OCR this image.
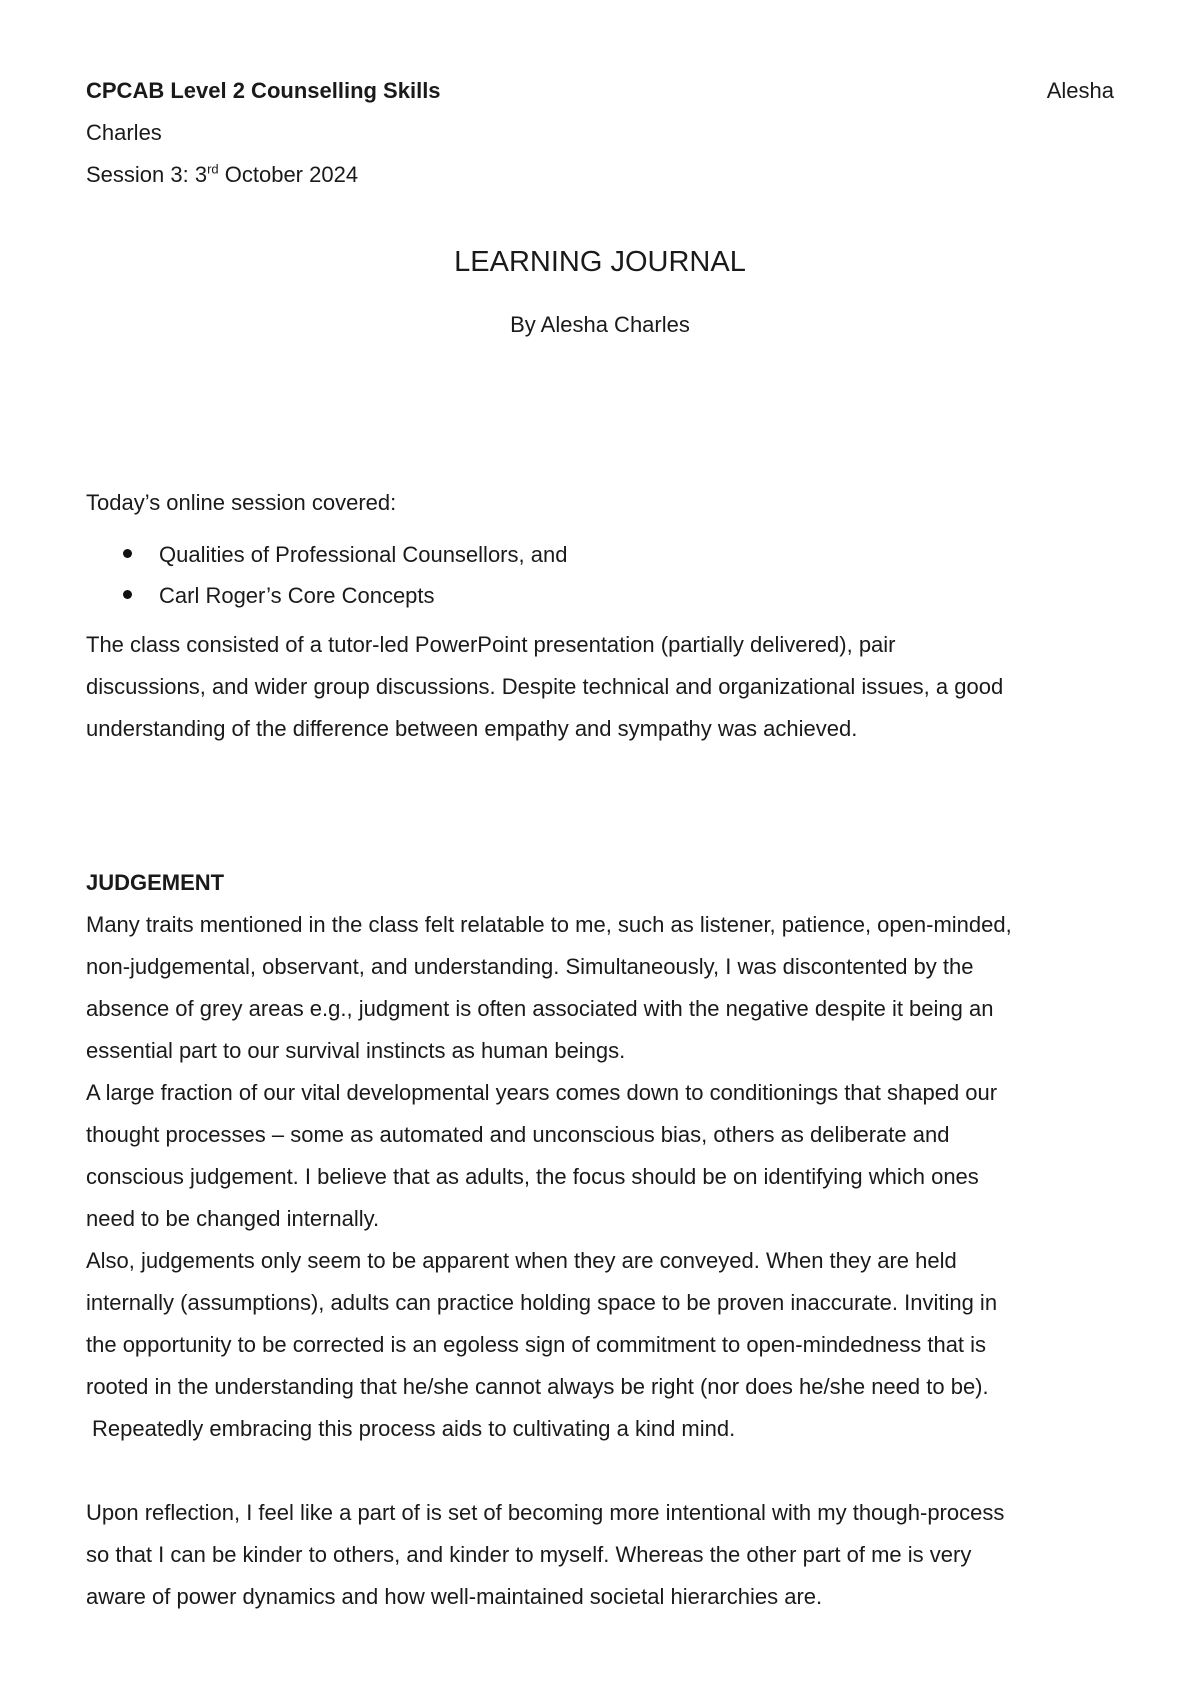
CPCAB Level 2 Counselling Skills	Alesha
Charles
Session 3: 3rd October 2024
LEARNING JOURNAL
By Alesha Charles
Today’s online session covered:
Qualities of Professional Counsellors, and
Carl Roger’s Core Concepts
The class consisted of a tutor-led PowerPoint presentation (partially delivered), pair
discussions, and wider group discussions. Despite technical and organizational issues, a good
understanding of the difference between empathy and sympathy was achieved.
JUDGEMENT
Many traits mentioned in the class felt relatable to me, such as listener, patience, open-minded,
non-judgemental, observant, and understanding. Simultaneously, I was discontented by the
absence of grey areas e.g., judgment is often associated with the negative despite it being an
essential part to our survival instincts as human beings.
A large fraction of our vital developmental years comes down to conditionings that shaped our
thought processes – some as automated and unconscious bias, others as deliberate and
conscious judgement. I believe that as adults, the focus should be on identifying which ones
need to be changed internally.
Also, judgements only seem to be apparent when they are conveyed. When they are held
internally (assumptions), adults can practice holding space to be proven inaccurate. Inviting in
the opportunity to be corrected is an egoless sign of commitment to open-mindedness that is
rooted in the understanding that he/she cannot always be right (nor does he/she need to be).
Repeatedly embracing this process aids to cultivating a kind mind.
Upon reflection, I feel like a part of is set of becoming more intentional with my though-process
so that I can be kinder to others, and kinder to myself. Whereas the other part of me is very
aware of power dynamics and how well-maintained societal hierarchies are.
